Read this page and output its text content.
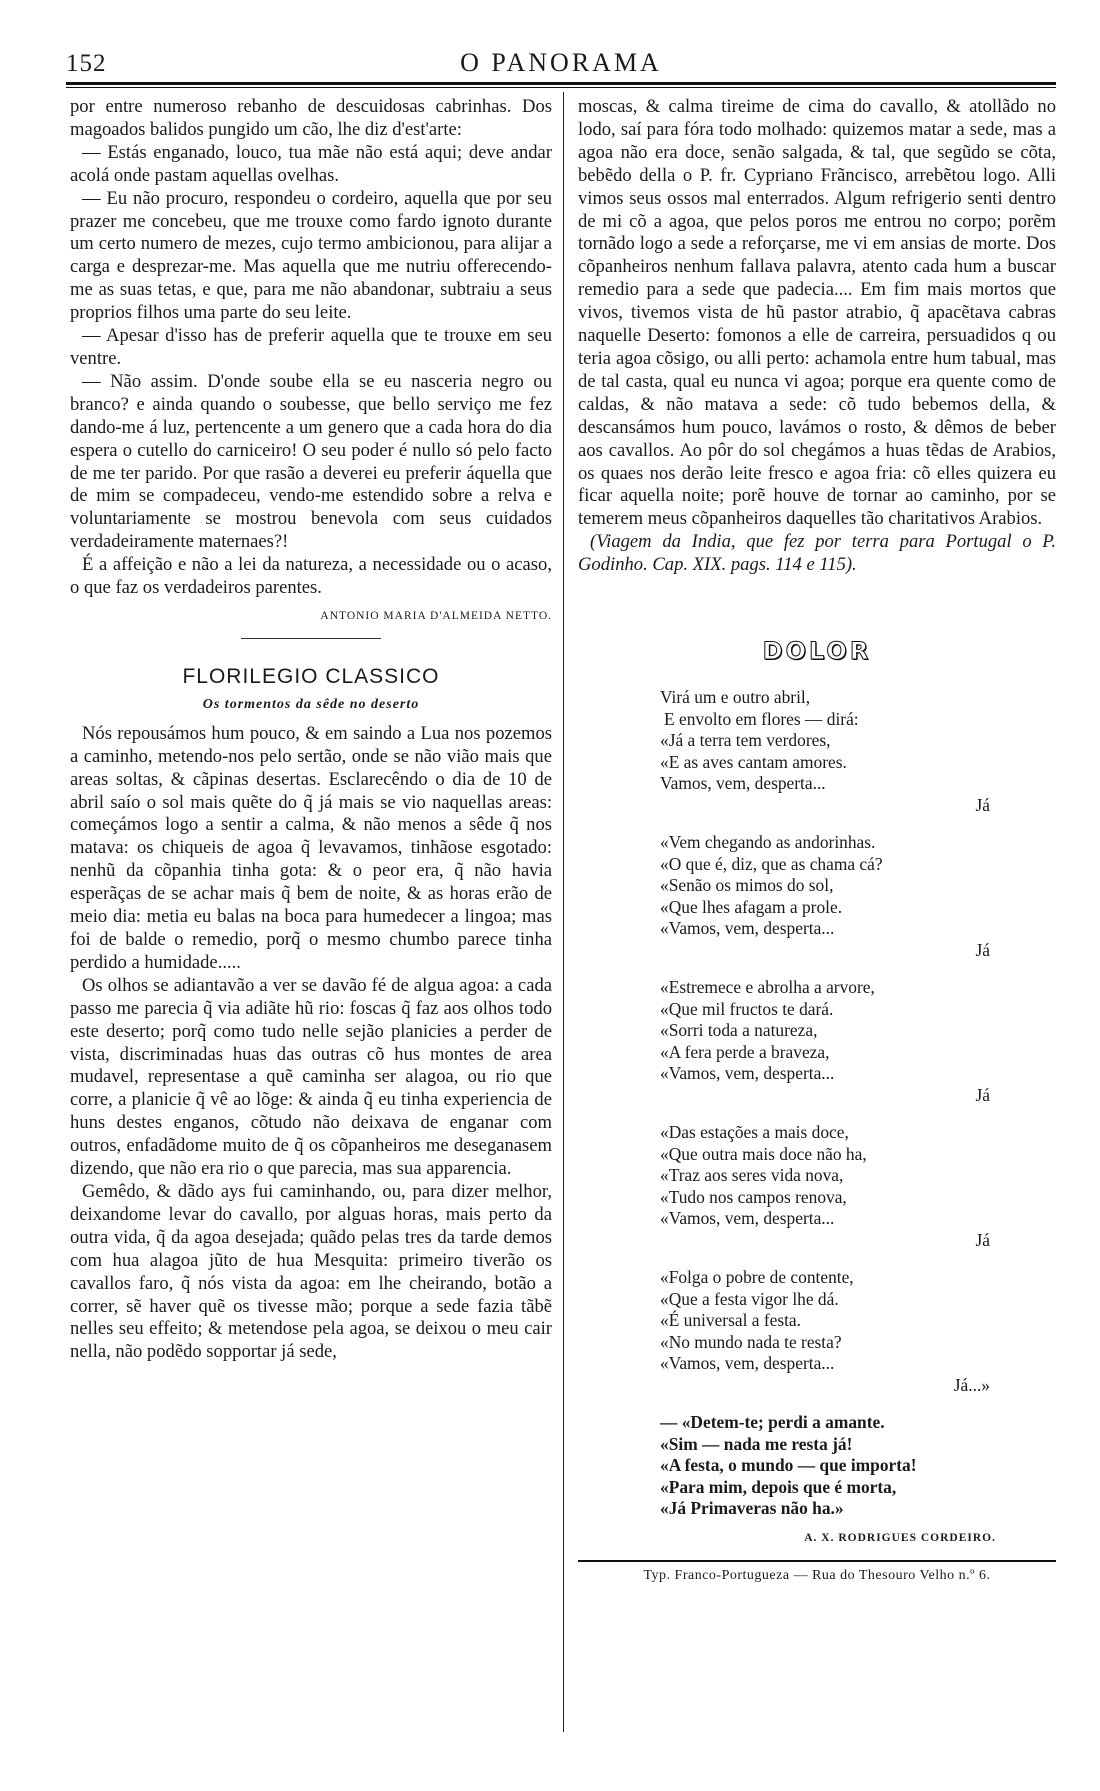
152	O PANORAMA

por entre numeroso rebanho de descuidosas cabrinhas. Dos magoados balidos pungido um cão, lhe diz d'est'arte:

— Estás enganado, louco, tua mãe não está aqui; deve andar acolá onde pastam aquellas ovelhas.

— Eu não procuro, respondeu o cordeiro, aquella que por seu prazer me concebeu, que me trouxe como fardo ignoto durante um certo numero de mezes, cujo termo ambicionou, para alijar a carga e desprezar-me. Mas aquella que me nutriu offerecendo-me as suas tetas, e que, para me não abandonar, subtraiu a seus proprios filhos uma parte do seu leite.

— Apesar d'isso has de preferir aquella que te trouxe em seu ventre.

— Não assim. D'onde soube ella se eu nasceria negro ou branco? e ainda quando o soubesse, que bello serviço me fez dando-me á luz, pertencente a um genero que a cada hora do dia espera o cutello do carniceiro! O seu poder é nullo só pelo facto de me ter parido. Por que rasão a deverei eu preferir áquella que de mim se compadeceu, vendo-me estendido sobre a relva e voluntariamente se mostrou benevola com seus cuidados verdadeiramente maternaes?!

É a affeição e não a lei da natureza, a necessidade ou o acaso, o que faz os verdadeiros parentes.
ANTONIO MARIA D'ALMEIDA NETTO.

FLORILEGIO CLASSICO
Os tormentos da sêde no deserto

Nós repousámos hum pouco, & em saindo a Lua nos pozemos a caminho, metendo-nos pelo sertão, onde se não vião mais que areas soltas, & cãpinas desertas. Esclarecêndo o dia de 10 de abril saío o sol mais quẽte do q̃ já mais se vio naquellas areas: começámos logo a sentir a calma, & não menos a sêde q̃ nos matava: os chiqueis de agoa q̃ levavamos, tinhãose esgotado: nenhũ da cõpanhia tinha gota: & o peor era, q̃ não havia esperãças de se achar mais q̃ bem de noite, & as horas erão de meio dia: metia eu balas na boca para humedecer a lingoa; mas foi de balde o remedio, porq̃ o mesmo chumbo parece tinha perdido a humidade.....

Os olhos se adiantavão a ver se davão fé de algua agoa: a cada passo me parecia q̃ via adiãte hũ rio: foscas q̃ faz aos olhos todo este deserto; porq̃ como tudo nelle sejão planicies a perder de vista, discriminadas huas das outras cõ hus montes de area mudavel, representase a quẽ caminha ser alagoa, ou rio que corre, a planicie q̃ vê ao lõge: & ainda q̃ eu tinha experiencia de huns destes enganos, cõtudo não deixava de enganar com outros, enfadãdome muito de q̃ os cõpanheiros me deseganasem dizendo, que não era rio o que parecia, mas sua apparencia.

Gemêdo, & dãdo ays fui caminhando, ou, para dizer melhor, deixandome levar do cavallo, por alguas horas, mais perto da outra vida, q̃ da agoa desejada; quãdo pelas tres da tarde demos com hua alagoa jũto de hua Mesquita: primeiro tiverão os cavallos faro, q̃ nós vista da agoa: em lhe cheirando, botão a correr, sẽ haver quẽ os tivesse mão; porque a sede fazia tãbẽ nelles seu effeito; & metendose pela agoa, se deixou o meu cair nella, não podẽdo sopportar já sede,

moscas, & calma tireime de cima do cavallo, & atollãdo no lodo, saí para fóra todo molhado: quizemos matar a sede, mas a agoa não era doce, senão salgada, & tal, que segũdo se cõta, bebẽdo della o P. fr. Cypriano Frãncisco, arrebẽtou logo. Alli vimos seus ossos mal enterrados. Algum refrigerio senti dentro de mi cõ a agoa, que pelos poros me entrou no corpo; porẽm tornãdo logo a sede a reforçarse, me vi em ansias de morte. Dos cõpanheiros nenhum fallava palavra, atento cada hum a buscar remedio para a sede que padecia.... Em fim mais mortos que vivos, tivemos vista de hũ pastor atrabio, q̃ apacẽtava cabras naquelle Deserto: fomonos a elle de carreira, persuadidos q ou teria agoa cõsigo, ou alli perto: achamola entre hum tabual, mas de tal casta, qual eu nunca vi agoa; porque era quente como de caldas, & não matava a sede: cõ tudo bebemos della, & descansámos hum pouco, lavámos o rosto, & dêmos de beber aos cavallos. Ao pôr do sol chegámos a huas tẽdas de Arabios, os quaes nos derão leite fresco e agoa fria: cõ elles quizera eu ficar aquella noite; porẽ houve de tornar ao caminho, por se temerem meus cõpanheiros daquelles tão charitativos Arabios.

(Viagem da India, que fez por terra para Portugal o P. Godinho. Cap. XIX. pags. 114 e 115).

DOLOR
Virá um e outro abril,
E envolto em flores — dirá:
«Já a terra tem verdores,
«E as aves cantam amores.
Vamos, vem, desperta...
Já
«Vem chegando as andorinhas.
«O que é, diz, que as chama cá?
«Senão os mimos do sol,
«Que lhes afagam a prole.
«Vamos, vem, desperta...
Já
«Estremece e abrolha a arvore,
«Que mil fructos te dará.
«Sorri toda a natureza,
«A fera perde a braveza,
«Vamos, vem, desperta...
Já
«Das estações a mais doce,
«Que outra mais doce não ha,
«Traz aos seres vida nova,
«Tudo nos campos renova,
«Vamos, vem, desperta...
Já
«Folga o pobre de contente,
«Que a festa vigor lhe dá.
«É universal a festa.
«No mundo nada te resta?
«Vamos, vem, desperta...
Já...»
— «Detem-te; perdi a amante.
«Sim — nada me resta já!
«A festa, o mundo — que importa!
«Para mim, depois que é morta,
«Já Primaveras não ha.»
A. X. RODRIGUES CORDEIRO.
Typ. Franco-Portugueza — Rua do Thesouro Velho n.º 6.
